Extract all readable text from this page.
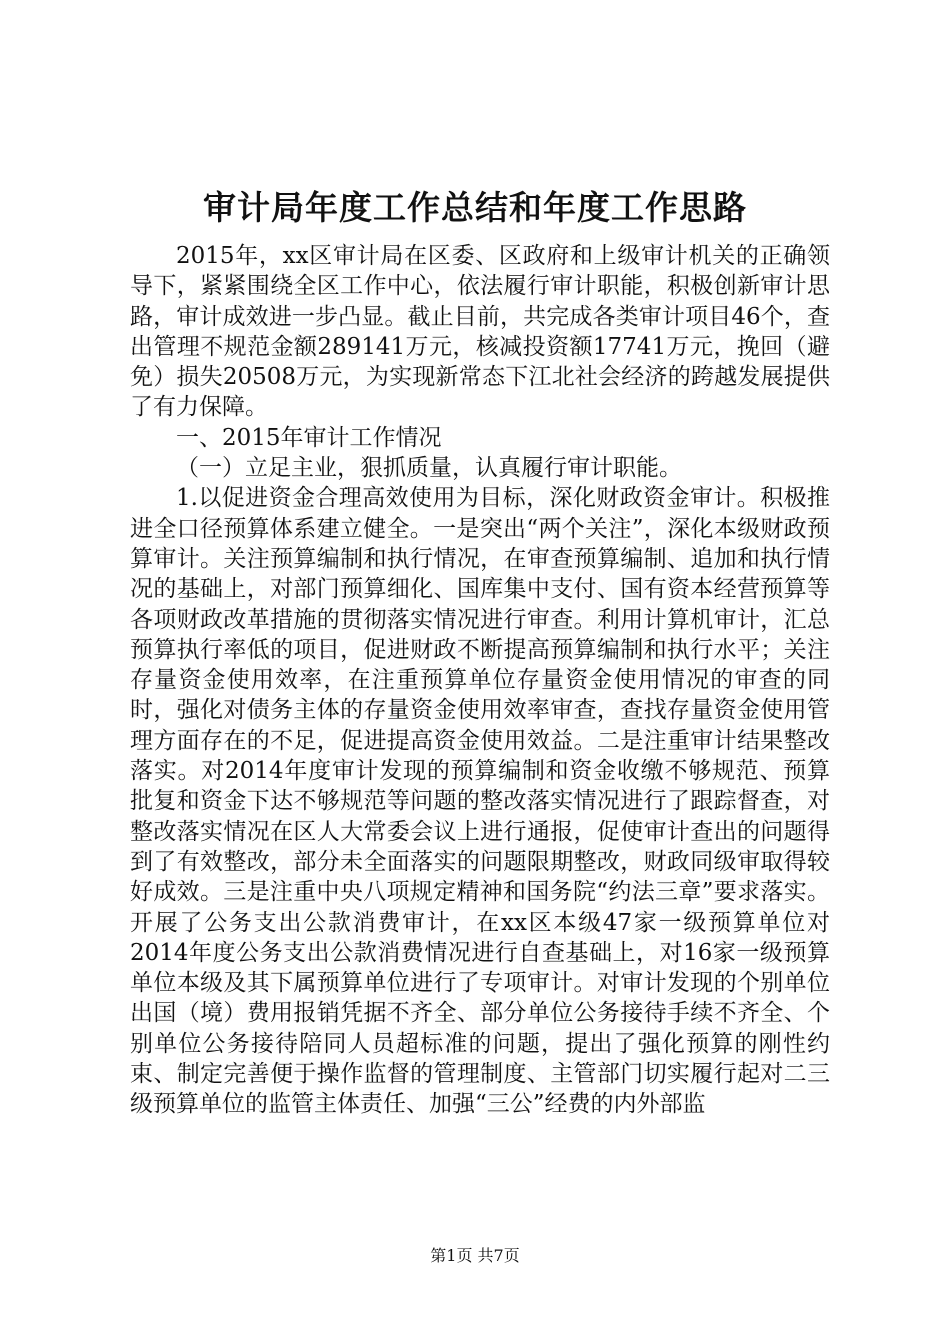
审计局年度工作总结和年度工作思路

2015年，xx区审计局在区委、区政府和上级审计机关的正确领导下，紧紧围绕全区工作中心，依法履行审计职能，积极创新审计思路，审计成效进一步凸显。截止目前，共完成各类审计项目46个，查出管理不规范金额289141万元，核减投资额17741万元，挽回（避免）损失20508万元，为实现新常态下江北社会经济的跨越发展提供了有力保障。

一、2015年审计工作情况

（一）立足主业，狠抓质量，认真履行审计职能。

1.以促进资金合理高效使用为目标，深化财政资金审计。积极推进全口径预算体系建立健全。一是突出“两个关注”，深化本级财政预算审计。关注预算编制和执行情况，在审查预算编制、追加和执行情况的基础上，对部门预算细化、国库集中支付、国有资本经营预算等各项财政改革措施的贯彻落实情况进行审查。利用计算机审计，汇总预算执行率低的项目，促进财政不断提高预算编制和执行水平；关注存量资金使用效率，在注重预算单位存量资金使用情况的审查的同时，强化对债务主体的存量资金使用效率审查，查找存量资金使用管理方面存在的不足，促进提高资金使用效益。二是注重审计结果整改落实。对2014年度审计发现的预算编制和资金收缴不够规范、预算批复和资金下达不够规范等问题的整改落实情况进行了跟踪督查，对整改落实情况在区人大常委会议上进行通报，促使审计查出的问题得到了有效整改，部分未全面落实的问题限期整改，财政同级审取得较好成效。三是注重中央八项规定精神和国务院“约法三章”要求落实。开展了公务支出公款消费审计，在xx区本级47家一级预算单位对2014年度公务支出公款消费情况进行自查基础上，对16家一级预算单位本级及其下属预算单位进行了专项审计。对审计发现的个别单位出国（境）费用报销凭据不齐全、部分单位公务接待手续不齐全、个别单位公务接待陪同人员超标准的问题，提出了强化预算的刚性约束、制定完善便于操作监督的管理制度、主管部门切实履行起对二三级预算单位的监管主体责任、加强“三公”经费的内外部监

第1页 共7页
